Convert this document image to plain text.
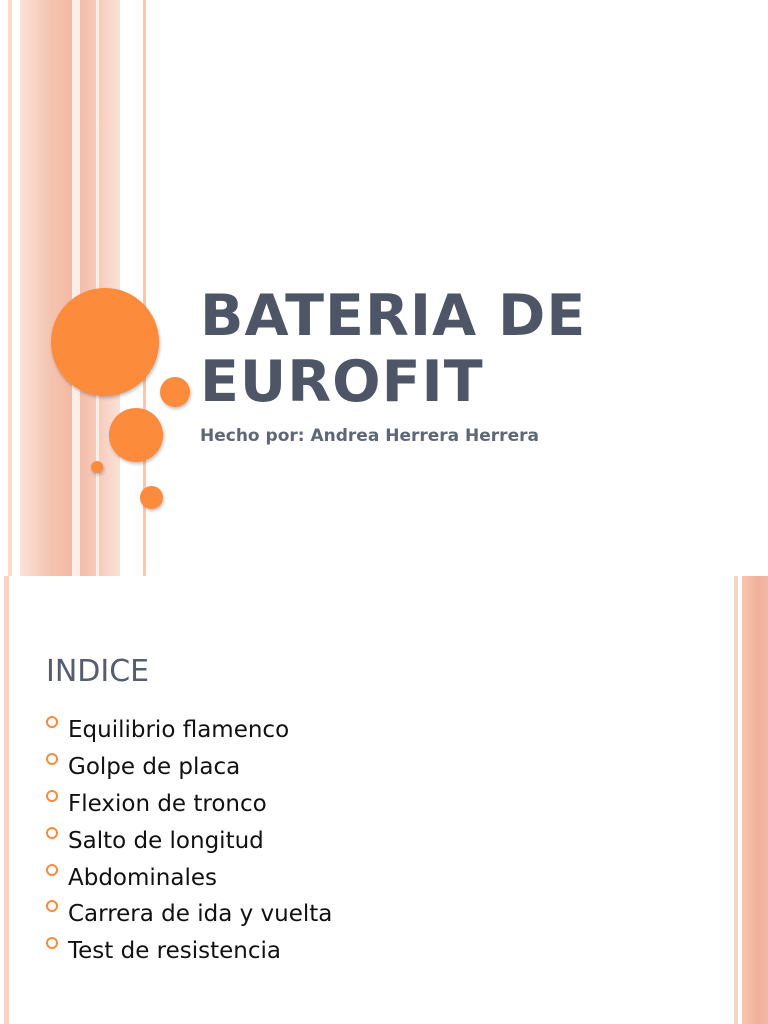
BATERIA DE EUROFIT

Hecho por: Andrea Herrera Herrera

INDICE
Equilibrio flamenco
Golpe de placa
Flexion de tronco
Salto de longitud
Abdominales
Carrera de ida y vuelta
Test de resistencia
